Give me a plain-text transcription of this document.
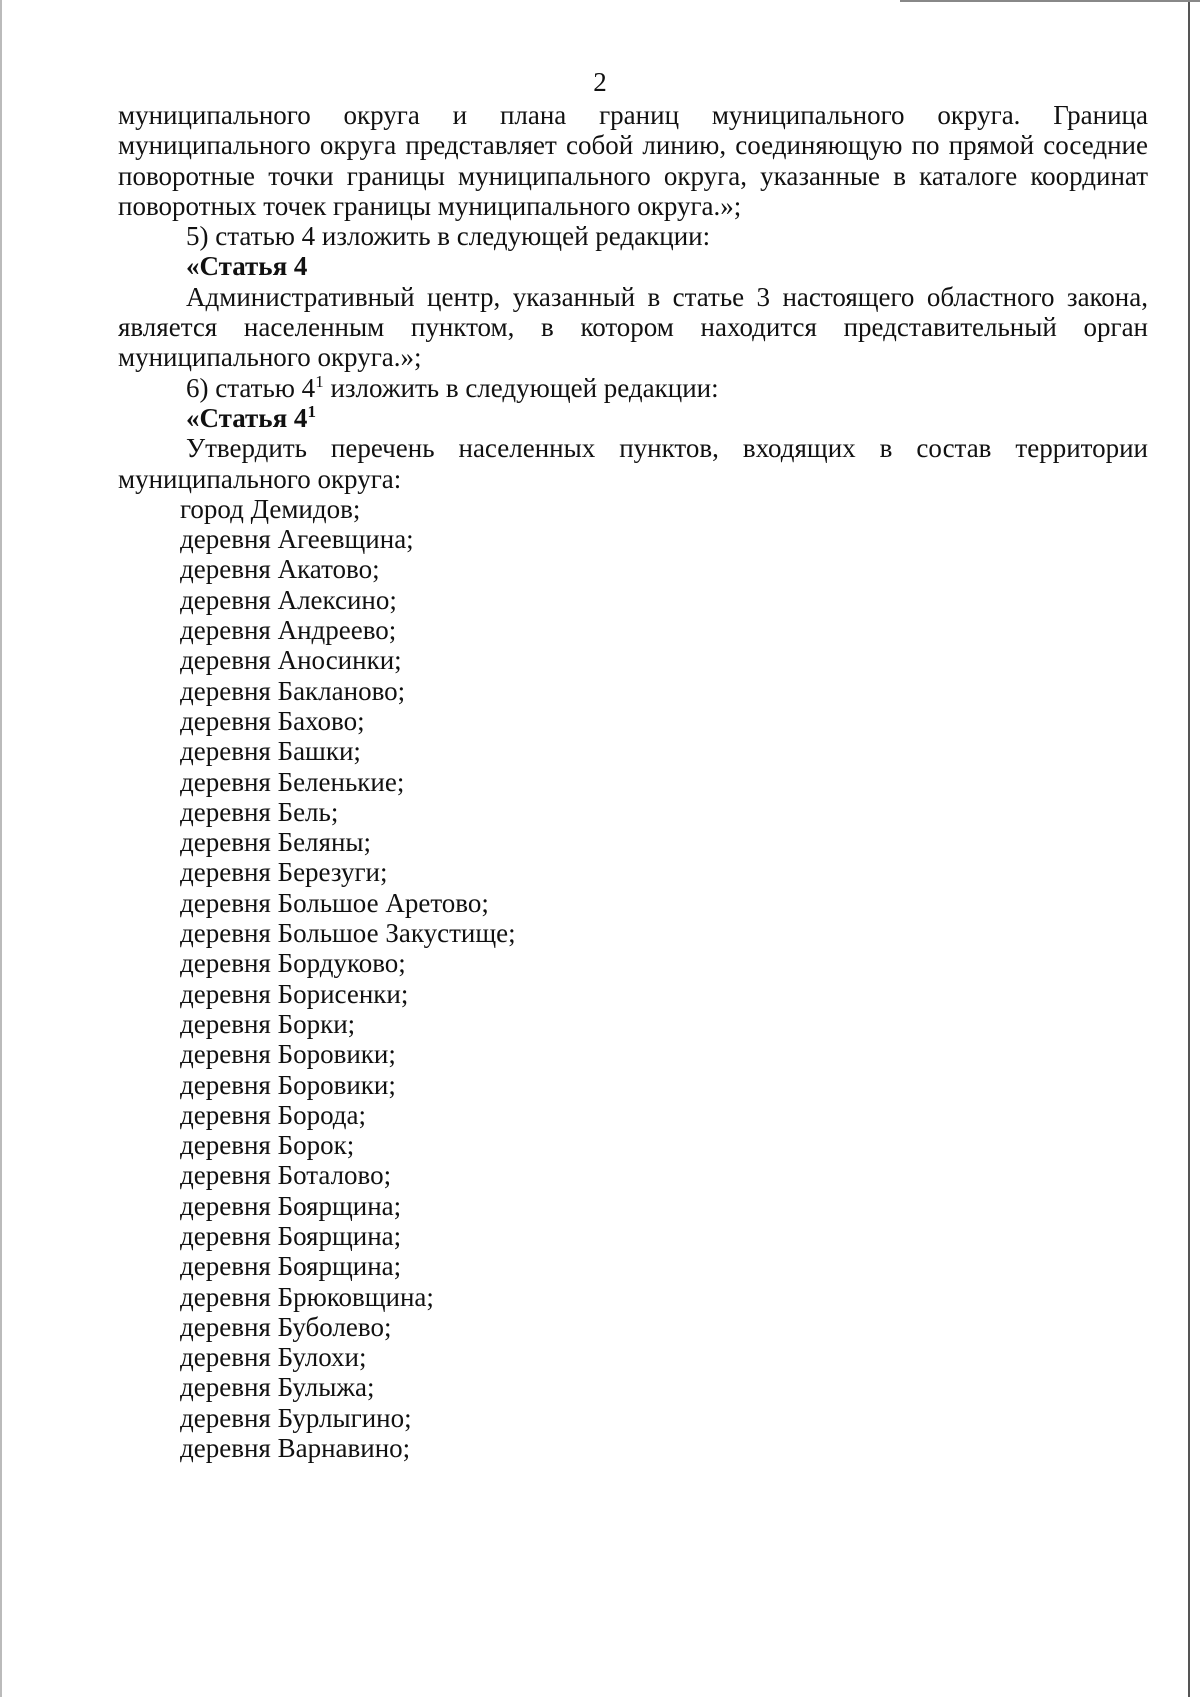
2

муниципального округа и плана границ муниципального округа. Граница муниципального округа представляет собой линию, соединяющую по прямой соседние поворотные точки границы муниципального округа, указанные в каталоге координат поворотных точек границы муниципального округа.»;

5) статью 4 изложить в следующей редакции:

«Статья 4

Административный центр, указанный в статье 3 настоящего областного закона, является населенным пунктом, в котором находится представительный орган муниципального округа.»;

6) статью $4^1$ изложить в следующей редакции:

«Статья $4^1$

Утвердить перечень населенных пунктов, входящих в состав территории муниципального округа:

город Демидов;
деревня Агеевщина;
деревня Акатово;
деревня Алексино;
деревня Андреево;
деревня Аносинки;
деревня Бакланово;
деревня Бахово;
деревня Башки;
деревня Беленькие;
деревня Бель;
деревня Беляны;
деревня Березуги;
деревня Большое Аретово;
деревня Большое Закустище;
деревня Бордуково;
деревня Борисенки;
деревня Борки;
деревня Боровики;
деревня Боровики;
деревня Борода;
деревня Борок;
деревня Боталово;
деревня Боярщина;
деревня Боярщина;
деревня Боярщина;
деревня Брюковщина;
деревня Буболево;
деревня Булохи;
деревня Булыжа;
деревня Бурлыгино;
деревня Варнавино;
